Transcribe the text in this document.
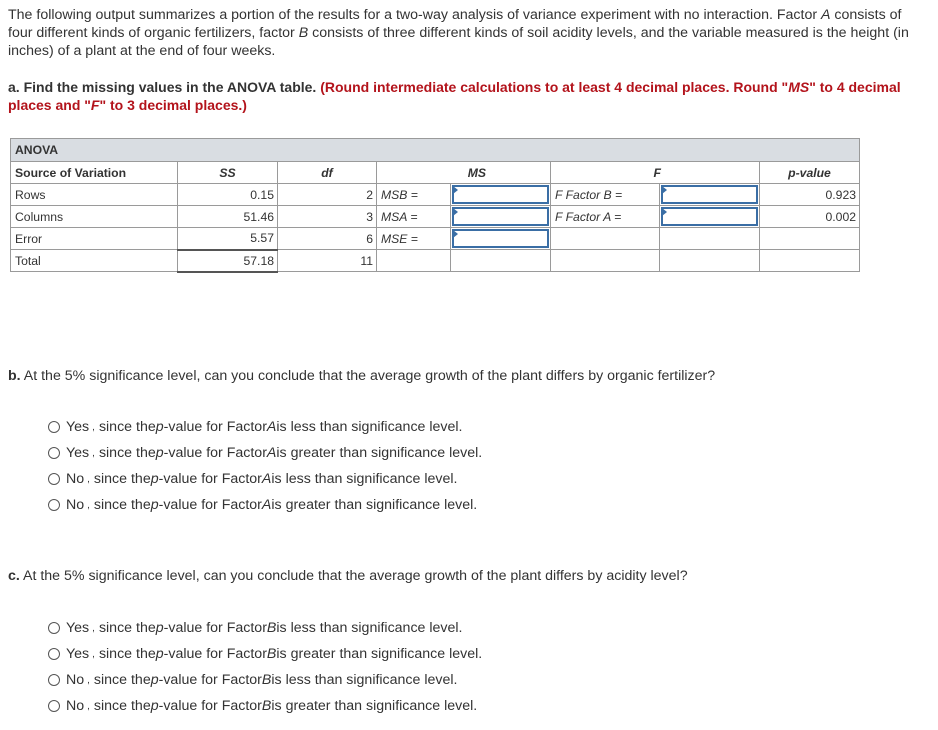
The following output summarizes a portion of the results for a two-way analysis of variance experiment with no interaction. Factor A consists of four different kinds of organic fertilizers, factor B consists of three different kinds of soil acidity levels, and the variable measured is the height (in inches) of a plant at the end of four weeks.
a. Find the missing values in the ANOVA table. (Round intermediate calculations to at least 4 decimal places. Round "MS" to 4 decimal places and "F" to 3 decimal places.)
ANOVA							
Source of Variation	SS	df	MS		F		p-value
Rows	0.15	2	MSB =		F Factor B =		0.923
Columns	51.46	3	MSA =		F Factor A =		0.002
Error	5.57	6	MSE =	

Total	57.18	11					
b. At the 5% significance level, can you conclude that the average growth of the plant differs by organic fertilizer?
Yes , since the p -value for Factor A is less than significance level.
Yes , since the p -value for Factor A is greater than significance level.
No , since the p -value for Factor A is less than significance level.
No , since the p -value for Factor A is greater than significance level.
c. At the 5% significance level, can you conclude that the average growth of the plant differs by acidity level?
Yes , since the p -value for Factor B is less than significance level.
Yes , since the p -value for Factor B is greater than significance level.
No , since the p -value for Factor B is less than significance level.
No , since the p -value for Factor B is greater than significance level.
